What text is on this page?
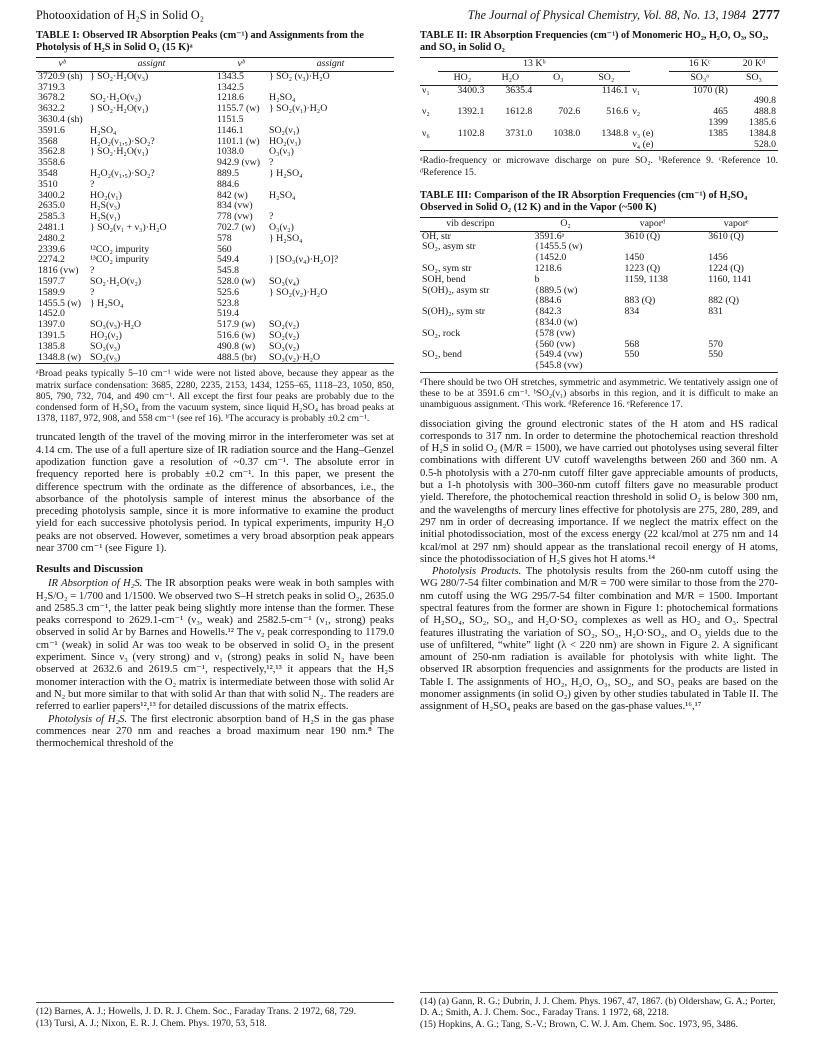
Photooxidation of H₂S in Solid O₂	The Journal of Physical Chemistry, Vol. 88, No. 13, 1984 2777
TABLE I: Observed IR Absorption Peaks (cm⁻¹) and Assignments from the Photolysis of H₂S in Solid O₂ (15 K)ᵃ
νᵇ	assignt	νᵇ	assignt
3720.9 (sh)	} SO₂·H₂O(ν₃)	1343.5	} SO₂ (ν₃)·H₂O
3719.3		1342.5	
3678.2	SO₂·H₂O(ν₃)	1218.6	H₂SO₄
3632.2	} SO₂·H₂O(ν₁)	1155.7 (w)	} SO₂(ν₁)·H₂O
3630.4 (sh)		1151.5	
3591.6	H₂SO₄	1146.1	SO₂(ν₁)
3568	H₂O₂(ν₁,₅)·SO₂?	1101.1 (w)	HO₂(ν₃)
3562.8	} SO₂·H₂O(ν₁)	1038.0	O₃(ν₃)
3558.6		942.9 (vw)	?
3548	H₂O₂(ν₁,₅)·SO₂?	889.5	} H₂SO₄
3510	?	884.6	
3400.2	HO₂(ν₁)	842 (w)	H₂SO₄
2635.0	H₂S(ν₃)	834 (vw)	
2585.3	H₂S(ν₁)	778 (vw)	?
2481.1	} SO₂(ν₁ + ν₃)·H₂O	702.7 (w)	O₃(ν₂)
2480.2		578	} H₂SO₄
2339.6	¹²CO₂ impurity	560	
2274.2	¹³CO₂ impurity	549.4	} [SO₃(ν₄)·H₂O]?
1816 (vw)	?	545.8	
1597.7	SO₂·H₂O(ν₂)	528.0 (w)	SO₃(ν₄)
1589.9	?	525.6	} SO₂(ν₂)·H₂O
1455.5 (w)	} H₂SO₄	523.8	
1452.0		519.4	
1397.0	SO₃(ν₃)·H₂O	517.9 (w)	SO₂(ν₂)
1391.5	HO₂(ν₂)	516.6 (w)	SO₂(ν₂)
1385.8	SO₃(ν₃)	490.8 (w)	SO₃(ν₂)
1348.8 (w)	SO₂(ν₃)	488.5 (br)	SO₃(ν₂)·H₂O
ᵃBroad peaks typically 5–10 cm⁻¹ wide were not listed above, because they appear as the matrix surface condensation: 3685, 2280, 2235, 2153, 1434, 1255–65, 1118–23, 1050, 850, 805, 790, 732, 704, and 490 cm⁻¹. All except the first four peaks are probably due to the condensed form of H₂SO₄ from the vacuum system, since liquid H₂SO₄ has broad peaks at 1378, 1187, 972, 908, and 558 cm⁻¹ (see ref 16). ᵇThe accuracy is probably ±0.2 cm⁻¹.

truncated length of the travel of the moving mirror in the interferometer was set at 4.14 cm. The use of a full aperture size of IR radiation source and the Hang–Genzel apodization function gave a resolution of ~0.37 cm⁻¹. The absolute error in frequency reported here is probably ±0.2 cm⁻¹. In this paper, we present the difference spectrum with the ordinate as the difference of absorbances, i.e., the absorbance of the photolysis sample of interest minus the absorbance of the preceding photolysis sample, since it is more informative to examine the product yield for each successive photolysis period. In typical experiments, impurity H₂O peaks are not observed. However, sometimes a very broad absorption peak appears near 3700 cm⁻¹ (see Figure 1).

Results and Discussion

IR Absorption of H₂S. The IR absorption peaks were weak in both samples with H₂S/O₂ = 1/700 and 1/1500. We observed two S–H stretch peaks in solid O₂, 2635.0 and 2585.3 cm⁻¹, the latter peak being slightly more intense than the former. These peaks correspond to 2629.1-cm⁻¹ (ν₃, weak) and 2582.5-cm⁻¹ (ν₁, strong) peaks observed in solid Ar by Barnes and Howells.¹² The ν₂ peak corresponding to 1179.0 cm⁻¹ (weak) in solid Ar was too weak to be observed in solid O₂ in the present experiment. Since ν₃ (very strong) and ν₁ (strong) peaks in solid N₂ have been observed at 2632.6 and 2619.5 cm⁻¹, respectively,¹²,¹³ it appears that the H₂S monomer interaction with the O₂ matrix is intermediate between those with solid Ar and N₂ but more similar to that with solid Ar than that with solid N₂. The readers are referred to earlier papers¹²,¹³ for detailed discussions of the matrix effects.

Photolysis of H₂S. The first electronic absorption band of H₂S in the gas phase commences near 270 nm and reaches a broad maximum near 190 nm.⁸ The thermochemical threshold of the

(12) Barnes, A. J.; Howells, J. D. R. J. Chem. Soc., Faraday Trans. 2 1972, 68, 729.

(13) Tursi, A. J.; Nixon, E. R. J. Chem. Phys. 1970, 53, 518.

TABLE II: IR Absorption Frequencies (cm⁻¹) of Monomeric HO₂, H₂O, O₃, SO₂, and SO₃ in Solid O₂
	13 Kᵇ					16 Kᶜ	20 Kᵈ
	HO₂	H₂O	O₃	SO₂		SO₃ᵃ	SO₃
ν₁	3400.3	3635.4		1146.1	ν₁	1070 (R)	
							490.8
ν₂	1392.1	1612.8	702.6	516.6	ν₂	465	488.8
						1399	1385.6
ν₆	1102.8	3731.0	1038.0	1348.8	ν₃ (e)	1385	1384.8
					ν₄ (e)		528.0
ᵃRadio-frequency or microwave discharge on pure SO₂. ᵇReference 9. ᶜReference 10. ᵈReference 15.
TABLE III: Comparison of the IR Absorption Frequencies (cm⁻¹) of H₂SO₄ Observed in Solid O₂ (12 K) and in the Vapor (~500 K)
vib descripn	O₂	vaporᵈ	vaporᵉ
OH, str	3591.6ᵃ	3610 (Q)	3610 (Q)
SO₂, asym str	{1455.5 (w)		
	{1452.0	1450	1456
SO₂, sym str	1218.6	1223 (Q)	1224 (Q)
SOH, bend	b	1159, 1138	1160, 1141
S(OH)₂, asym str	{889.5 (w)		
	{884.6	883 (Q)	882 (Q)
S(OH)₂, sym str	{842.3	834	831
	{834.0 (w)		
SO₂, rock	{578 (vw)		
	{560 (vw)	568	570
SO₂, bend	{549.4 (vw)	550	550
	{545.8 (vw)		
ᵃThere should be two OH stretches, symmetric and asymmetric. We tentatively assign one of these to be at 3591.6 cm⁻¹. ᵇSO₂(ν₁) absorbs in this region, and it is difficult to make an unambiguous assignment. ᶜThis work. ᵈReference 16. ᵉReference 17.

dissociation giving the ground electronic states of the H atom and HS radical corresponds to 317 nm. In order to determine the photochemical reaction threshold of H₂S in solid O₂ (M/R = 1500), we have carried out photolyses using several filter combinations with different UV cutoff wavelengths between 260 and 360 nm. A 0.5-h photolysis with a 270-nm cutoff filter gave appreciable amounts of products, but a 1-h photolysis with 300–360-nm cutoff filters gave no measurable product yield. Therefore, the photochemical reaction threshold in solid O₂ is below 300 nm, and the wavelengths of mercury lines effective for photolysis are 275, 280, 289, and 297 nm in order of decreasing importance. If we neglect the matrix effect on the initial photodissociation, most of the excess energy (22 kcal/mol at 275 nm and 14 kcal/mol at 297 nm) should appear as the translational recoil energy of H atoms, since the photodissociation of H₂S gives hot H atoms.¹⁴

Photolysis Products. The photolysis results from the 260-nm cutoff using the WG 280/7-54 filter combination and M/R = 700 were similar to those from the 270-nm cutoff using the WG 295/7-54 filter combination and M/R = 1500. Important spectral features from the former are shown in Figure 1: photochemical formations of H₂SO₄, SO₂, SO₃, and H₂O·SO₂ complexes as well as HO₂ and O₃. Spectral features illustrating the variation of SO₂, SO₃, H₂O·SO₂, and O₃ yields due to the use of unfiltered, “white” light (λ < 220 nm) are shown in Figure 2. A significant amount of 250-nm radiation is available for photolysis with white light. The observed IR absorption frequencies and assignments for the products are listed in Table I. The assignments of HO₂, H₂O, O₃, SO₂, and SO₃ peaks are based on the monomer assignments (in solid O₂) given by other studies tabulated in Table II. The assignment of H₂SO₄ peaks are based on the gas-phase values.¹⁶,¹⁷

(14) (a) Gann, R. G.; Dubrin, J. J. Chem. Phys. 1967, 47, 1867. (b) Oldershaw, G. A.; Porter, D. A.; Smith, A. J. Chem. Soc., Faraday Trans. 1 1972, 68, 2218.

(15) Hopkins, A. G.; Tang, S.-V.; Brown, C. W. J. Am. Chem. Soc. 1973, 95, 3486.
